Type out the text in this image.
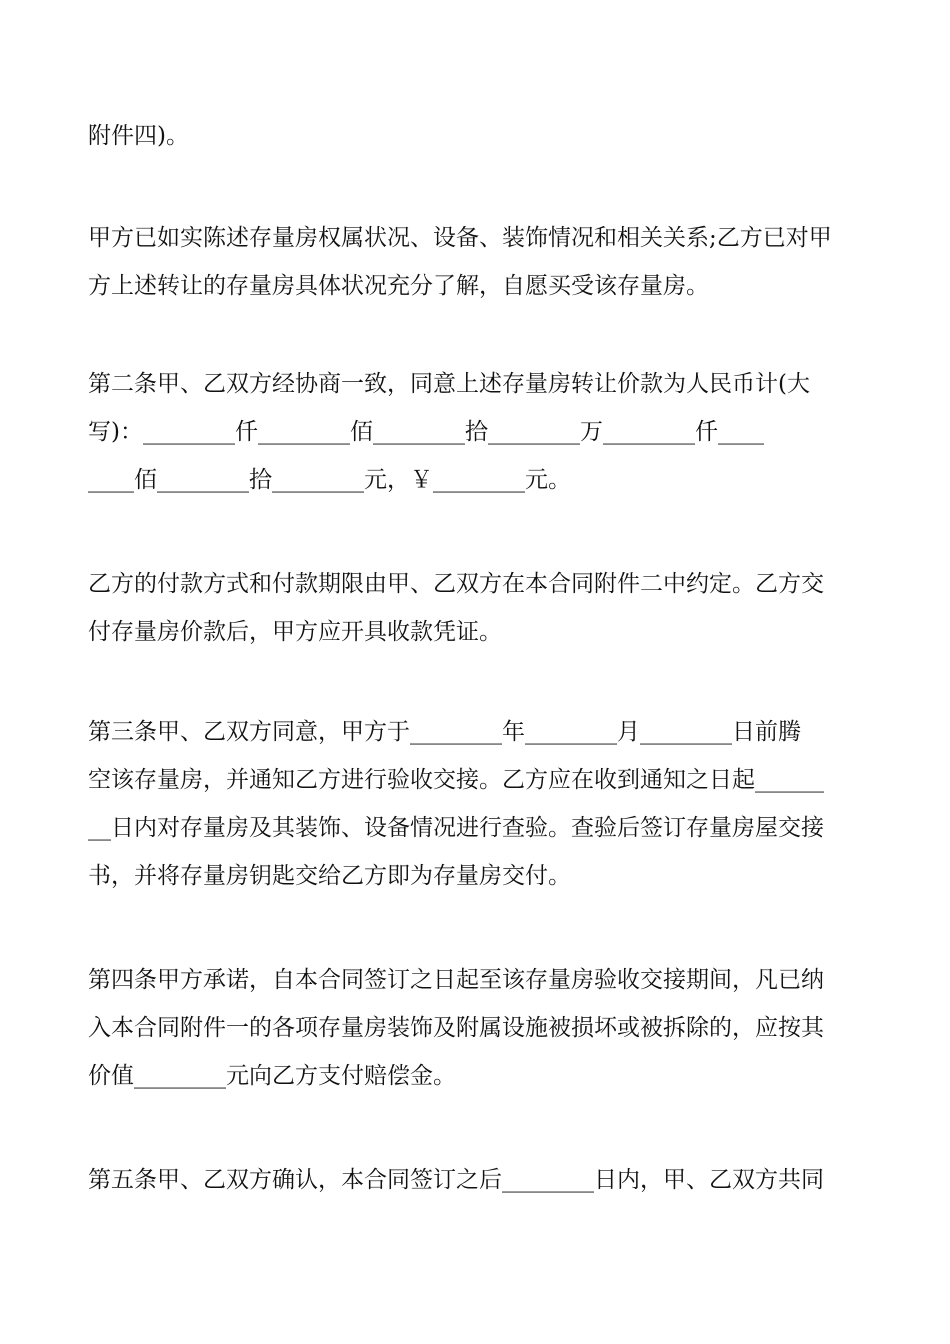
附件四)。
甲方已如实陈述存量房权属状况、设备、装饰情况和相关关系;乙方已对甲
方上述转让的存量房具体状况充分了解，自愿买受该存量房。
第二条甲、乙双方经协商一致，同意上述存量房转让价款为人民币计(大
写)：________仟________佰________拾________万________仟____
____佰________拾________元，￥________元。
乙方的付款方式和付款期限由甲、乙双方在本合同附件二中约定。乙方交
付存量房价款后，甲方应开具收款凭证。
第三条甲、乙双方同意，甲方于________年________月________日前腾
空该存量房，并通知乙方进行验收交接。乙方应在收到通知之日起______
__日内对存量房及其装饰、设备情况进行查验。查验后签订存量房屋交接
书，并将存量房钥匙交给乙方即为存量房交付。
第四条甲方承诺，自本合同签订之日起至该存量房验收交接期间，凡已纳
入本合同附件一的各项存量房装饰及附属设施被损坏或被拆除的，应按其
价值________元向乙方支付赔偿金。
第五条甲、乙双方确认，本合同签订之后________日内，甲、乙双方共同
